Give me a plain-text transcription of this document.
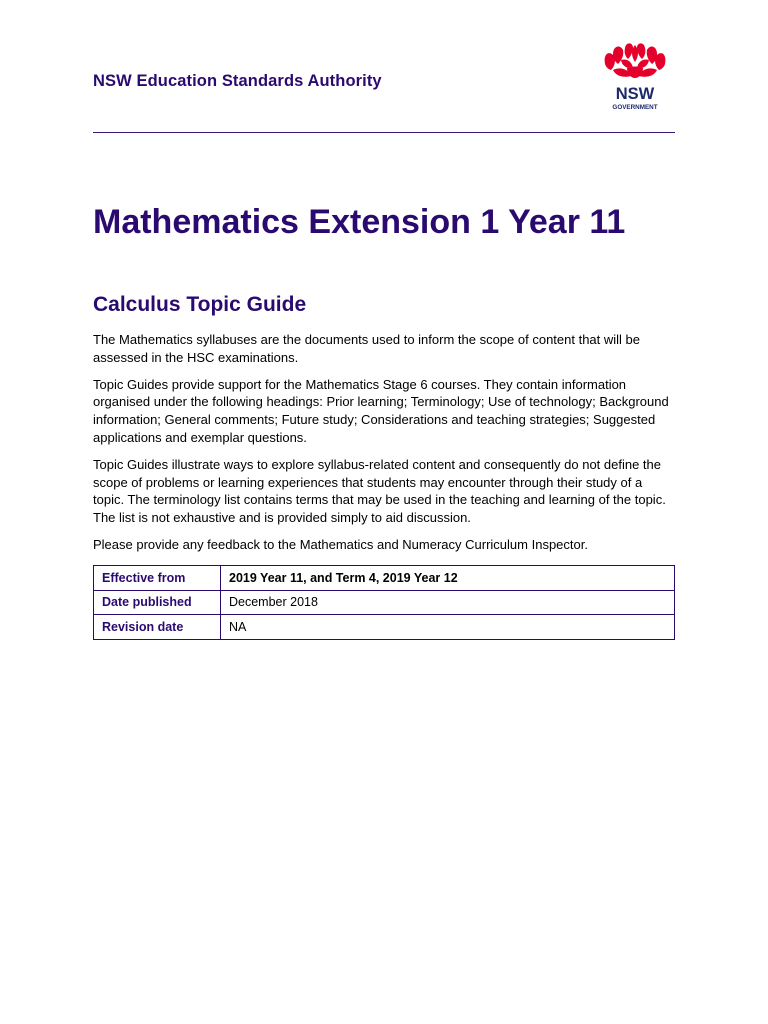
NSW Education Standards Authority
NSW
GOVERNMENT
Mathematics Extension 1 Year 11
Calculus Topic Guide

The Mathematics syllabuses are the documents used to inform the scope of content that will be assessed in the HSC examinations.

Topic Guides provide support for the Mathematics Stage 6 courses. They contain information organised under the following headings: Prior learning; Terminology; Use of technology; Background information; General comments; Future study; Considerations and teaching strategies; Suggested applications and exemplar questions.

Topic Guides illustrate ways to explore syllabus-related content and consequently do not define the scope of problems or learning experiences that students may encounter through their study of a topic. The terminology list contains terms that may be used in the teaching and learning of the topic. The list is not exhaustive and is provided simply to aid discussion.

Please provide any feedback to the Mathematics and Numeracy Curriculum Inspector.

Effective from	2019 Year 11, and Term 4, 2019 Year 12
Date published	December 2018
Revision date	NA
